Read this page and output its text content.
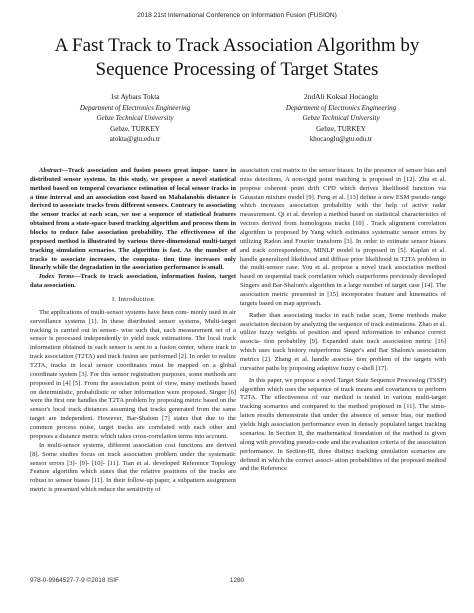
2018 21st International Conference on Information Fusion (FUSION)
A Fast Track to Track Association Algorithm by
Sequence Processing of Target States
1st Aybars Tokta
Department of Electronics Engineering
Gebze Technical University
Gebze, TURKEY
atokta@gtu.edu.tr
2ndAli Koksal Hocaoglu
Department of Electronics Engineering
Gebze Technical University
Gebze, TURKEY
khocaoglu@gtu.edu.tr
Abstract—Track association and fusion posses great impor- tance in distributed sensor systems. In this study, we propose a novel statistical method based on temporal covariance estimation of local sensor tracks in a time interval and an association cost based on Mahalanobis distance is derived to associate tracks from different sensors. Contrary to associating the sensor tracks at each scan, we use a sequence of statistical features obtained from a state-space based tracking algorithm and process them in blocks to reduce false association probability. The effectiveness of the proposed method is illustrated by various three-dimensional multi-target tracking simulation scenarios. The algorithm is fast. As the number of tracks to associate increases, the computa- tion time increases only linearly while the degradation in the association performance is small.
Index Terms—Track to track association, information fusion, target data association.
I. Introduction

The applications of multi-sensor systems have been com- monly used in air surveillance systems [1]. In these distributed sensor systems, Multi-target tracking is carried out in sensor- wise such that, each measurement set of a sensor is processed independently to yield track estimations. The local track information obtained in each sensor is sent to a fusion center, where track to track association (T2TA) and track fusion are performed [2]. In order to realize T2TA, tracks in local sensor coordinates must be mapped on a global coordinate system [3]. For this sensor registration purposes, some methods are proposed in [4] [5]. From the association point of view, many methods based on deterministic, probabilistic or other information were proposed. Singer [6] were the first one handles the T2TA problem by proposing metric based on the sensor's local track distances assuming that tracks generated from the same target are independent. However, Bar-Shalom [7] states that due to the common process noise, target tracks are correlated with each other and proposes a distance metric which takes cross-correlation terms into account.

In multi-sensor systems, different association cost functions are derived [8]. Some studies focus on track association problem under the systematic sensor errors [3]- [9]- [10]- [11]. Tian et al. developed Reference Topology Feature algorithm which states that the relative positions of the tracks are robust to sensor biases [11]. In their follow-up paper, a subpattern assignment metric is presented which reduce the sensitivity of

association cost matrix to the sensor biases. In the presence of sensor bias and miss detections, A non-rigid point matching is proposed in [12]. Zhu et al. propose coherent point drift CPD which derives likelihood function via Gaussian mixture model [9]. Feng et al. [13] define a new ESM pseudo range which increases association probability with the help of active radar measurement. Qi et al. develop a method based on statistical characteristics of vectors derived from homologous tracks [10] . Track alignment correlation algorithm is proposed by Yang which estimates systematic sensor errors by utilizing Radon and Fourier transform [3]. In order to estimate sensor biases and track correspondence, MINLP model is proposed in [5]. Kaplan et al. handle generalized likelihood and diffuse prior likelihood in T2TA problem in the multi-sensor case. You et al. propose a novel track association method based on sequential track correlation which outperforms previously developed Singers and Bar-Shalom's algorithm in a large number of target case [14]. The association metric presented in [15] incorporates feature and kinematics of targets based on map approach.

Rather than associating tracks in each radar scan, Some methods make association decision by analyzing the sequence of track estimations. Zhao et al. utilize fuzzy weights of position and speed information to enhance correct associa- tion probability [9]. Expanded state track association metric [16] which uses track history outperforms Singer's and Bar Shalom's association metrics [2]. Zhang et al. handle associa- tion problem of the targets with curvative paths by proposing adaptive fuzzy c-shell [17].

In this paper, we propose a novel Target State Sequence Processing (TSSP) algorithm which uses the sequence of track means and covariances to perform T2TA. The effectiveness of our method is tested in various multi-target tracking scenarios and compared to the method proposed in [11]. The simu- lation results demonstrate that under the absence of sensor bias, our method yields high association performance even in densely populated target tracking scenarios. In Section II, the mathematical foundation of the method is given along with providing pseudo-code and the evaluation criteria of the association performance. In Section-III, three distinct tracking simulation scenarios are defined in which the correct associ- ation probabilities of the proposed method and the Reference

978-0-9964527-7-9 ©2018 ISIF	1280
